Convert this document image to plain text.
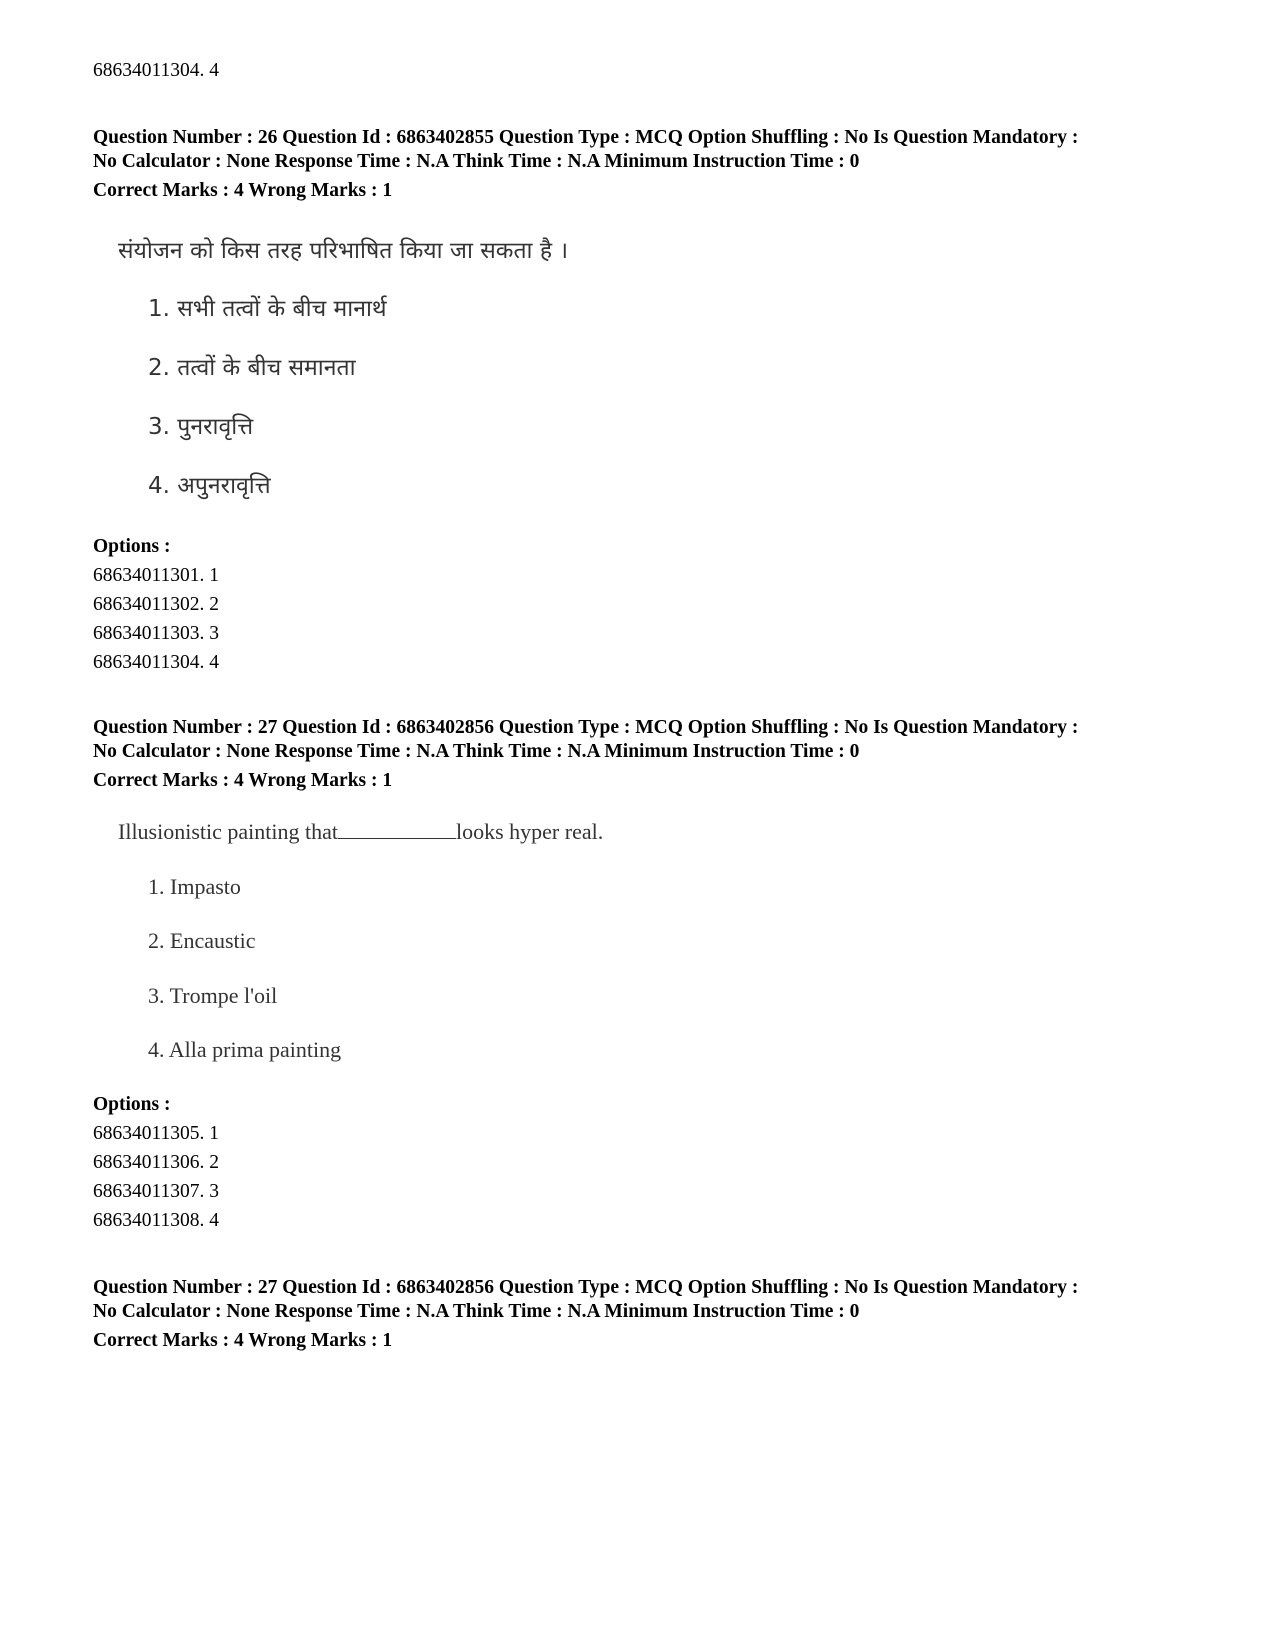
68634011304. 4
Question Number : 26 Question Id : 6863402855 Question Type : MCQ Option Shuffling : No Is Question Mandatory :
No Calculator : None Response Time : N.A Think Time : N.A Minimum Instruction Time : 0
Correct Marks : 4 Wrong Marks : 1
संयोजन को किस तरह परिभाषित किया जा सकता है ।
1. सभी तत्वों के बीच मानार्थ
2. तत्वों के बीच समानता
3. पुनरावृत्ति
4. अपुनरावृत्ति
Options :
68634011301. 1
68634011302. 2
68634011303. 3
68634011304. 4
Question Number : 27 Question Id : 6863402856 Question Type : MCQ Option Shuffling : No Is Question Mandatory :
No Calculator : None Response Time : N.A Think Time : N.A Minimum Instruction Time : 0
Correct Marks : 4 Wrong Marks : 1
Illusionistic painting that	looks hyper real.
1. Impasto
2. Encaustic
3. Trompe l'oil
4. Alla prima painting
Options :
68634011305. 1
68634011306. 2
68634011307. 3
68634011308. 4
Question Number : 27 Question Id : 6863402856 Question Type : MCQ Option Shuffling : No Is Question Mandatory :
No Calculator : None Response Time : N.A Think Time : N.A Minimum Instruction Time : 0
Correct Marks : 4 Wrong Marks : 1
